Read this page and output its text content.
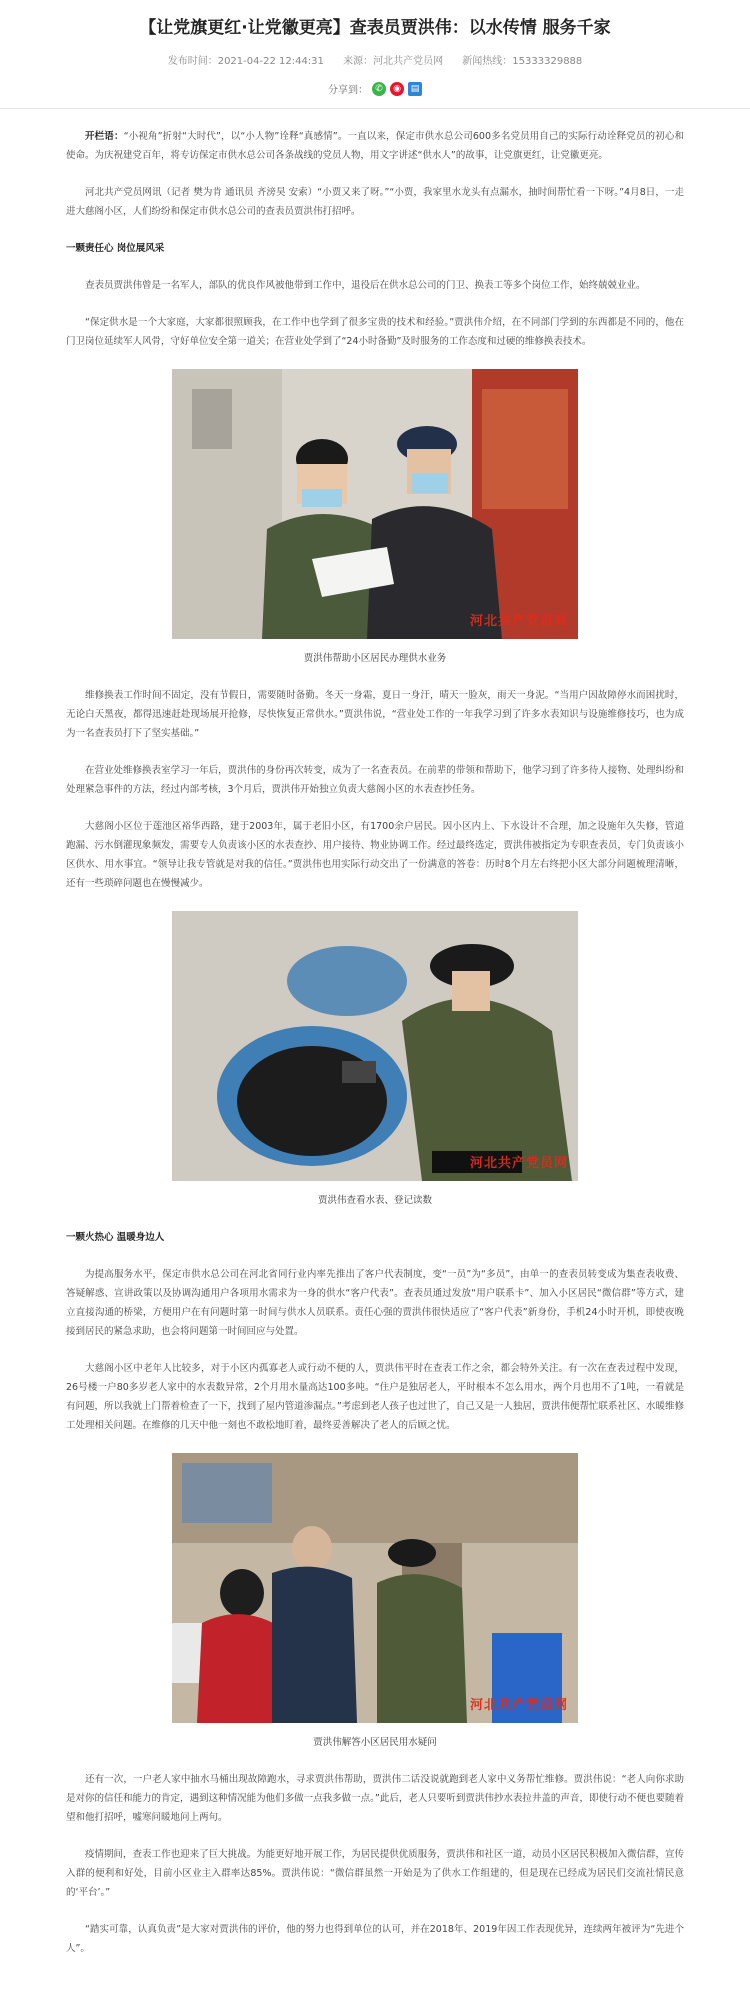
【让党旗更红·让党徽更亮】查表员贾洪伟：以水传情 服务千家
发布时间：2021-04-22 12:44:31 来源：河北共产党员网 新闻热线：15333329888
分享到： ✆	◉	▤

开栏语：“小视角”折射“大时代”，以“小人物”诠释“真感情”。一直以来，保定市供水总公司600多名党员用自己的实际行动诠释党员的初心和使命。为庆祝建党百年，将专访保定市供水总公司各条战线的党员人物，用文字讲述“供水人”的故事，让党旗更红，让党徽更亮。

河北共产党员网讯（记者 樊为肯 通讯员 齐滂昊 安索）“小贾又来了呀。”“小贾，我家里水龙头有点漏水，抽时间帮忙看一下呀。”4月8日，一走进大慈阁小区，人们纷纷和保定市供水总公司的查表员贾洪伟打招呼。

一颗责任心 岗位展风采

查表员贾洪伟曾是一名军人，部队的优良作风被他带到工作中，退役后在供水总公司的门卫、换表工等多个岗位工作，始终兢兢业业。

“保定供水是一个大家庭，大家都很照顾我，在工作中也学到了很多宝贵的技术和经验。”贾洪伟介绍，在不同部门学到的东西都是不同的，他在门卫岗位延续军人风骨，守好单位安全第一道关；在营业处学到了“24小时备勤”及时服务的工作态度和过硬的维修换表技术。

河北共产党员网
贾洪伟帮助小区居民办理供水业务

维修换表工作时间不固定，没有节假日，需要随时备勤。冬天一身霜，夏日一身汗，晴天一脸灰，雨天一身泥。“当用户因故障停水而困扰时，无论白天黑夜，都得迅速赶赴现场展开抢修，尽快恢复正常供水。”贾洪伟说，“营业处工作的一年我学习到了许多水表知识与设施维修技巧，也为成为一名查表员打下了坚实基础。”

在营业处维修换表室学习一年后，贾洪伟的身份再次转变，成为了一名查表员。在前辈的带领和帮助下，他学习到了许多待人接物、处理纠纷和处理紧急事件的方法，经过内部考核，3个月后，贾洪伟开始独立负责大慈阁小区的水表查抄任务。

大慈阁小区位于莲池区裕华西路，建于2003年，属于老旧小区，有1700余户居民。因小区内上、下水设计不合理，加之设施年久失修，管道跑漏、污水倒灌现象频发，需要专人负责该小区的水表查抄、用户接待、物业协调工作。经过最终选定，贾洪伟被指定为专职查表员，专门负责该小区供水、用水事宜。“领导让我专管就是对我的信任。”贾洪伟也用实际行动交出了一份满意的答卷：历时8个月左右终把小区大部分问题梳理清晰，还有一些琐碎问题也在慢慢减少。

河北共产党员网
贾洪伟查看水表、登记读数

一颗火热心 温暖身边人

为提高服务水平，保定市供水总公司在河北省同行业内率先推出了客户代表制度，变“一员”为“多员”，由单一的查表员转变成为集查表收费、答疑解惑、宣讲政策以及协调沟通用户各项用水需求为一身的供水“客户代表”。查表员通过发放“用户联系卡”、加入小区居民“微信群”等方式，建立直接沟通的桥梁，方便用户在有问题时第一时间与供水人员联系。责任心强的贾洪伟很快适应了“客户代表”新身份，手机24小时开机，即使夜晚接到居民的紧急求助，也会将问题第一时间回应与处置。

大慈阁小区中老年人比较多，对于小区内孤寡老人或行动不便的人，贾洪伟平时在查表工作之余，都会特外关注。有一次在查表过程中发现，26号楼一户80多岁老人家中的水表数异常，2个月用水量高达100多吨。“住户是独居老人，平时根本不怎么用水，两个月也用不了1吨，一看就是有问题，所以我就上门帮着检查了一下，找到了屋内管道渗漏点。”考虑到老人孩子也过世了，自己又是一人独居，贾洪伟便帮忙联系社区、水暖维修工处理相关问题。在维修的几天中他一刻也不敢松地盯着，最终妥善解决了老人的后顾之忧。

河北共产党员网
贾洪伟解答小区居民用水疑问

还有一次，一户老人家中抽水马桶出现故障跑水，寻求贾洪伟帮助，贾洪伟二话没说就跑到老人家中义务帮忙维修。贾洪伟说：“老人向你求助是对你的信任和能力的肯定，遇到这种情况能为他们多做一点我多做一点。”此后，老人只要听到贾洪伟抄水表拉井盖的声音，即使行动不便也要随着望和他打招呼，嘘寒问暖地问上两句。

疫情期间，查表工作也迎来了巨大挑战。为能更好地开展工作，为居民提供优质服务，贾洪伟和社区一道，动员小区居民积极加入微信群，宣传入群的便利和好处，目前小区业主入群率达85%。贾洪伟说：“微信群虽然一开始是为了供水工作组建的，但是现在已经成为居民们交流社情民意的‘平台’。”

“踏实可靠，认真负责”是大家对贾洪伟的评价，他的努力也得到单位的认可，并在2018年、2019年因工作表现优异，连续两年被评为“先进个人”。
